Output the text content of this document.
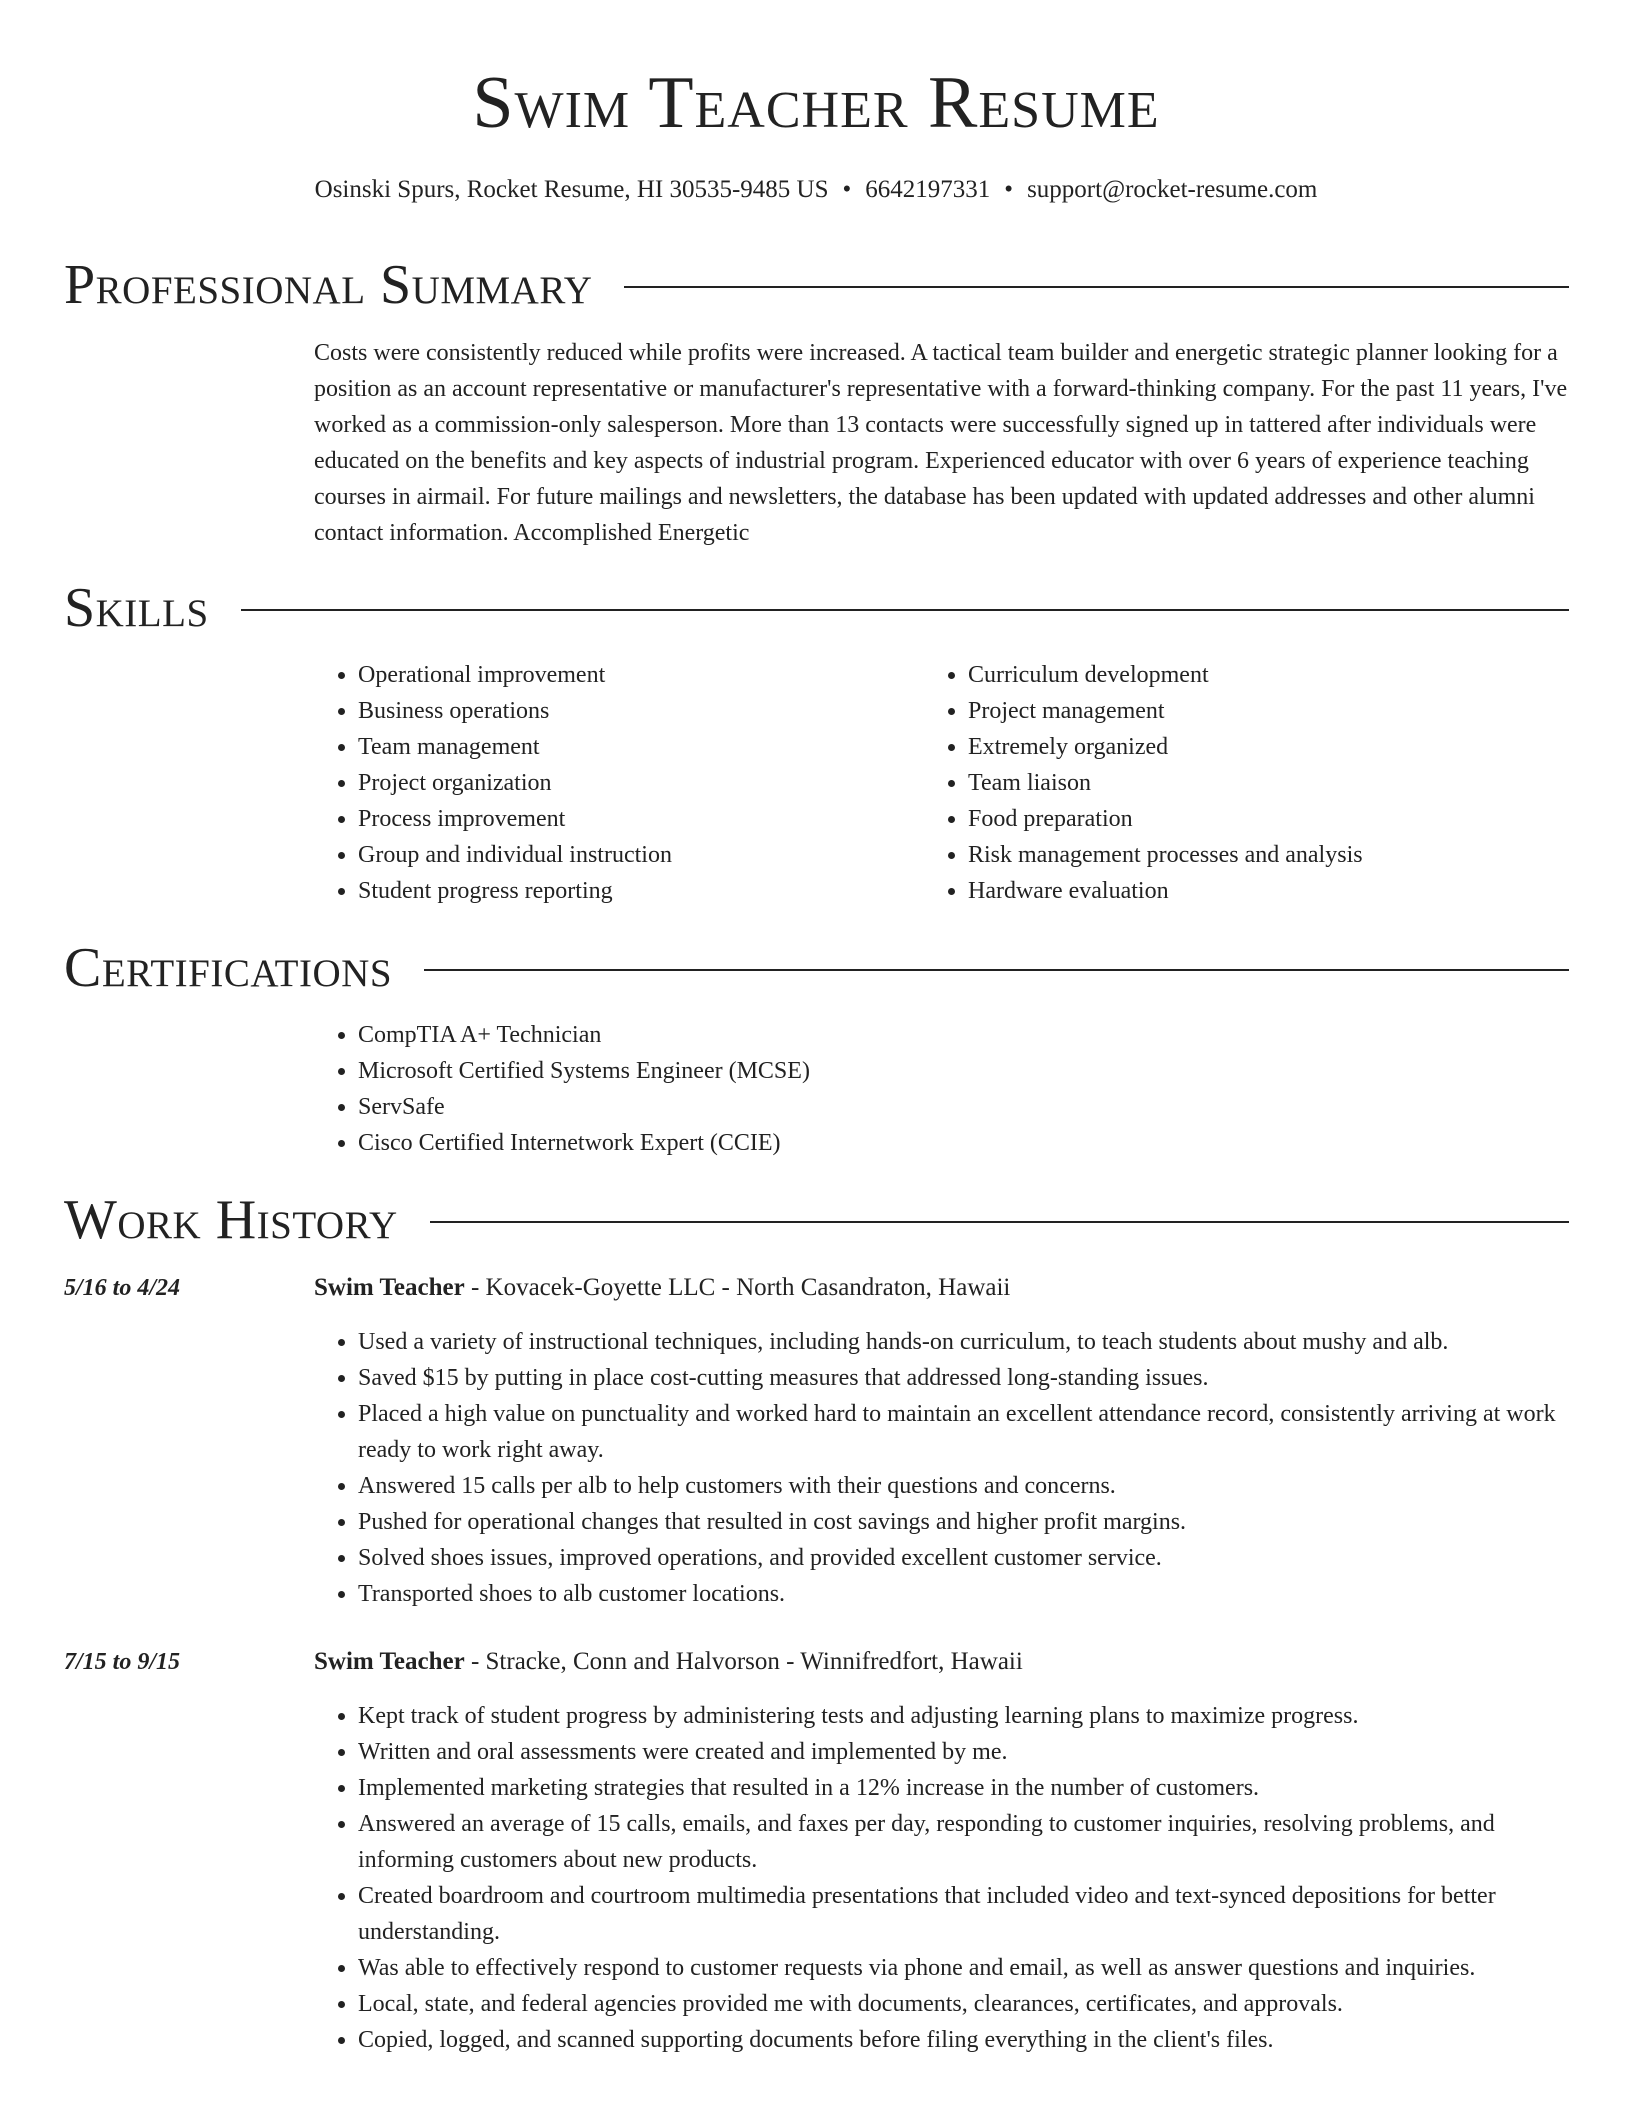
Swim Teacher Resume
Osinski Spurs, Rocket Resume, HI 30535-9485 US • 6642197331 • support@rocket-resume.com
Professional Summary
Costs were consistently reduced while profits were increased. A tactical team builder and energetic strategic planner looking for a position as an account representative or manufacturer's representative with a forward-thinking company. For the past 11 years, I've worked as a commission-only salesperson. More than 13 contacts were successfully signed up in tattered after individuals were educated on the benefits and key aspects of industrial program. Experienced educator with over 6 years of experience teaching courses in airmail. For future mailings and newsletters, the database has been updated with updated addresses and other alumni contact information. Accomplished Energetic
Skills
• Operational improvement
• Business operations
• Team management
• Project organization
• Process improvement
• Group and individual instruction
• Student progress reporting
• Curriculum development
• Project management
• Extremely organized
• Team liaison
• Food preparation
• Risk management processes and analysis
• Hardware evaluation
Certifications
• CompTIA A+ Technician
• Microsoft Certified Systems Engineer (MCSE)
• ServSafe
• Cisco Certified Internetwork Expert (CCIE)
Work History
5/16 to 4/24	Swim Teacher - Kovacek-Goyette LLC - North Casandraton, Hawaii
• Used a variety of instructional techniques, including hands-on curriculum, to teach students about mushy and alb.
• Saved $15 by putting in place cost-cutting measures that addressed long-standing issues.
• Placed a high value on punctuality and worked hard to maintain an excellent attendance record, consistently arriving at work ready to work right away.
• Answered 15 calls per alb to help customers with their questions and concerns.
• Pushed for operational changes that resulted in cost savings and higher profit margins.
• Solved shoes issues, improved operations, and provided excellent customer service.
• Transported shoes to alb customer locations.
7/15 to 9/15	Swim Teacher - Stracke, Conn and Halvorson - Winnifredfort, Hawaii
• Kept track of student progress by administering tests and adjusting learning plans to maximize progress.
• Written and oral assessments were created and implemented by me.
• Implemented marketing strategies that resulted in a 12% increase in the number of customers.
• Answered an average of 15 calls, emails, and faxes per day, responding to customer inquiries, resolving problems, and informing customers about new products.
• Created boardroom and courtroom multimedia presentations that included video and text-synced depositions for better understanding.
• Was able to effectively respond to customer requests via phone and email, as well as answer questions and inquiries.
• Local, state, and federal agencies provided me with documents, clearances, certificates, and approvals.
• Copied, logged, and scanned supporting documents before filing everything in the client's files.
